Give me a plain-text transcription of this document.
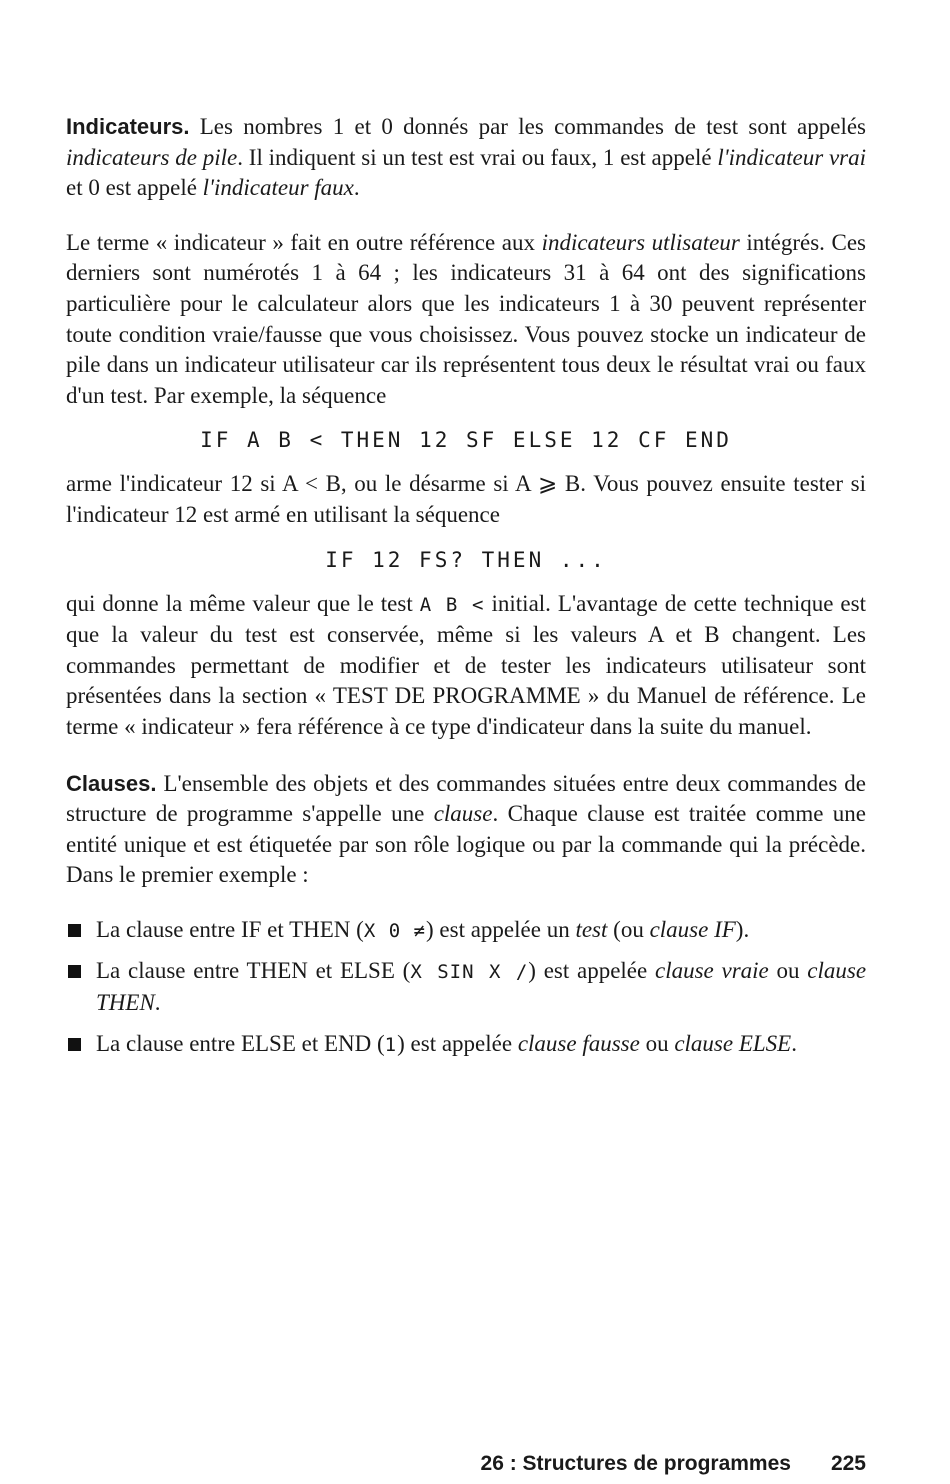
Indicateurs. Les nombres 1 et 0 donnés par les commandes de test sont appelés indicateurs de pile. Il indiquent si un test est vrai ou faux, 1 est appelé l'indicateur vrai et 0 est appelé l'indicateur faux.

Le terme « indicateur » fait en outre référence aux indicateurs utlisateur intégrés. Ces derniers sont numérotés 1 à 64 ; les indicateurs 31 à 64 ont des significations particulière pour le calculateur alors que les indicateurs 1 à 30 peuvent représenter toute condition vraie/fausse que vous choisissez. Vous pouvez stocke un indicateur de pile dans un indicateur utilisateur car ils représentent tous deux le résultat vrai ou faux d'un test. Par exemple, la séquence

IF A B < THEN 12 SF ELSE 12 CF END

arme l'indicateur 12 si A < B, ou le désarme si A ⩾ B. Vous pouvez ensuite tester si l'indicateur 12 est armé en utilisant la séquence

IF 12 FS? THEN ...

qui donne la même valeur que le test A B < initial. L'avantage de cette technique est que la valeur du test est conservée, même si les valeurs A et B changent. Les commandes permettant de modifier et de tester les indicateurs utilisateur sont présentées dans la section « TEST DE PROGRAMME » du Manuel de référence. Le terme « indicateur » fera référence à ce type d'indicateur dans la suite du manuel.

Clauses. L'ensemble des objets et des commandes situées entre deux commandes de structure de programme s'appelle une clause. Chaque clause est traitée comme une entité unique et est étiquetée par son rôle logique ou par la commande qui la précède. Dans le premier exemple :

La clause entre IF et THEN (X 0 ≠) est appelée un test (ou clause IF).
La clause entre THEN et ELSE (X SIN X /) est appelée clause vraie ou clause THEN.
La clause entre ELSE et END (1) est appelée clause fausse ou clause ELSE.
26 : Structures de programmes 225
